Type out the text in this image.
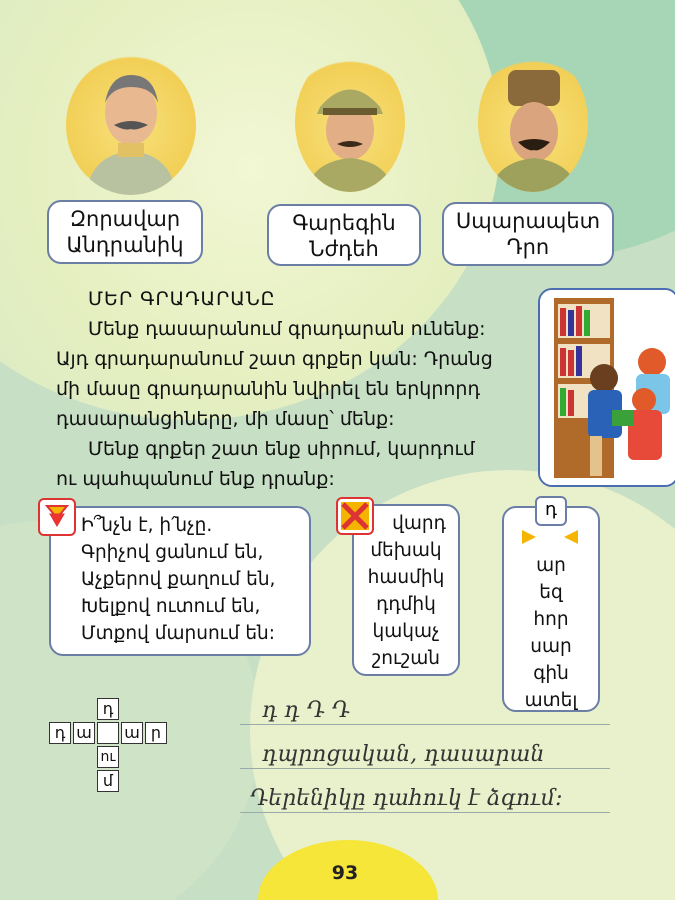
Զորավար
Անդրանիկ
Գարեգին
Նժդեհ
Սպարապետ
Դրո

ՄԵՐ ԳՐԱԴԱՐԱՆԸ

Մենք դասարանում գրադարան ունենք:

Այդ գրադարանում շատ գրքեր կան: Դրանց

մի մասը գրադարանին նվիրել են երկրորդ

դասարանցիները, մի մասը՝ մենք:

Մենք գրքեր շատ ենք սիրում, կարդում

ու պահպանում ենք դրանք:

Ի՞նչն է, ի՛նչը.
Գրիչով ցանում են,
Աչքերով քաղում են,
Խելքով ուտում են,
Մտքով մարսում են:
վարդ
մեխակ
հասմիկ
դդմիկ
կակաչ
շուշան
ար
եզ
հոր
սար
գին
ատել
դ
դ
դ ա ա ր
ու
մ
դ դ Դ Դ
դպրոցական, դասարան
Դերենիկը դահուկ է ձգում:
93
